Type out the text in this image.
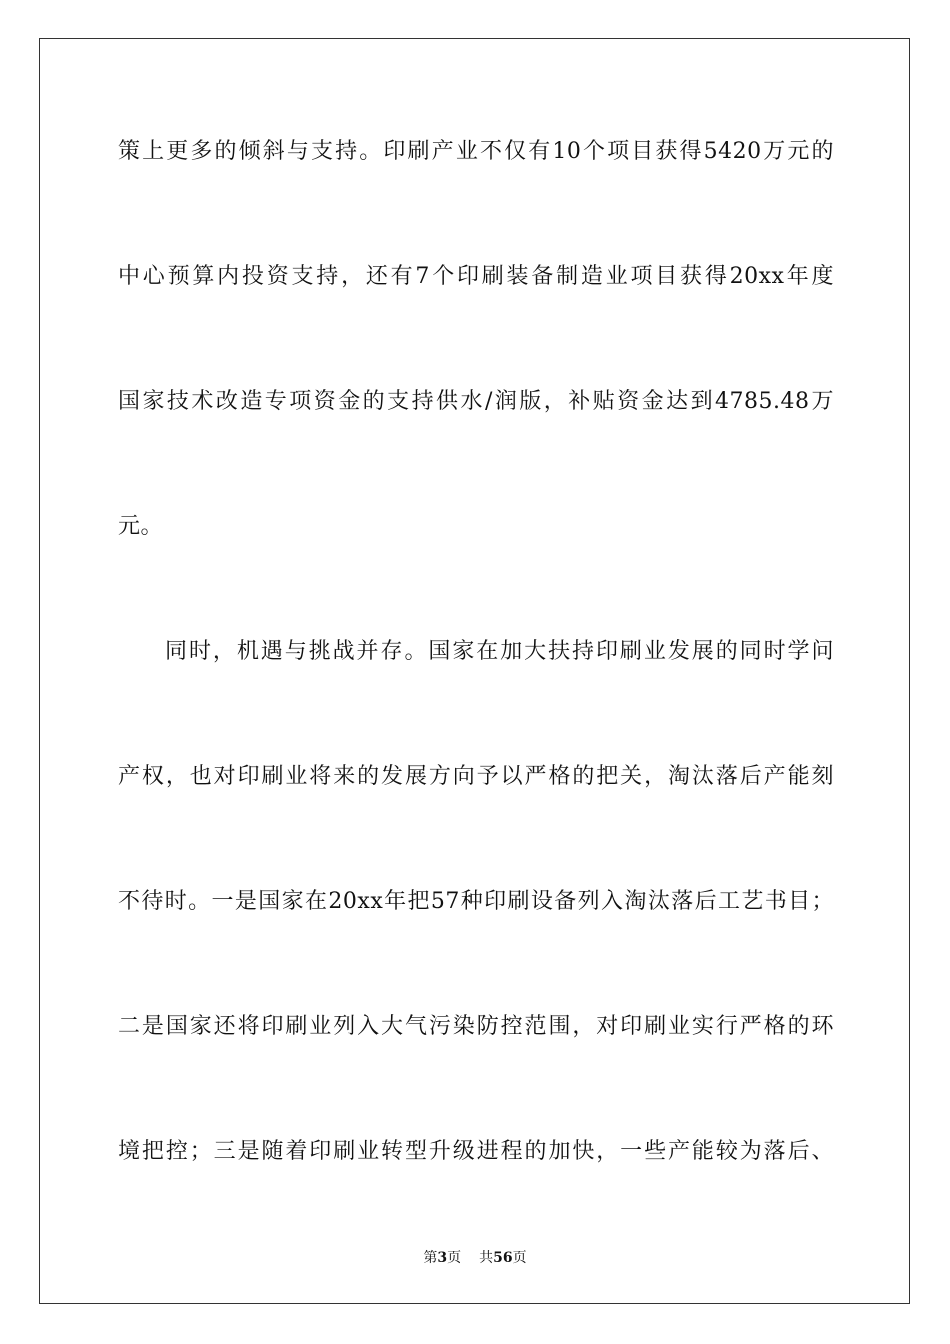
策上更多的倾斜与支持。印刷产业不仅有10个项目获得5420万元的
中心预算内投资支持，还有7个印刷装备制造业项目获得20xx年度
国家技术改造专项资金的支持供水/润版，补贴资金达到4785.48万
元。
同时，机遇与挑战并存。国家在加大扶持印刷业发展的同时学问
产权，也对印刷业将来的发展方向予以严格的把关，淘汰落后产能刻
不待时。一是国家在20xx年把57种印刷设备列入淘汰落后工艺书目；
二是国家还将印刷业列入大气污染防控范围，对印刷业实行严格的环
境把控；三是随着印刷业转型升级进程的加快，一些产能较为落后、
第3页 共56页
